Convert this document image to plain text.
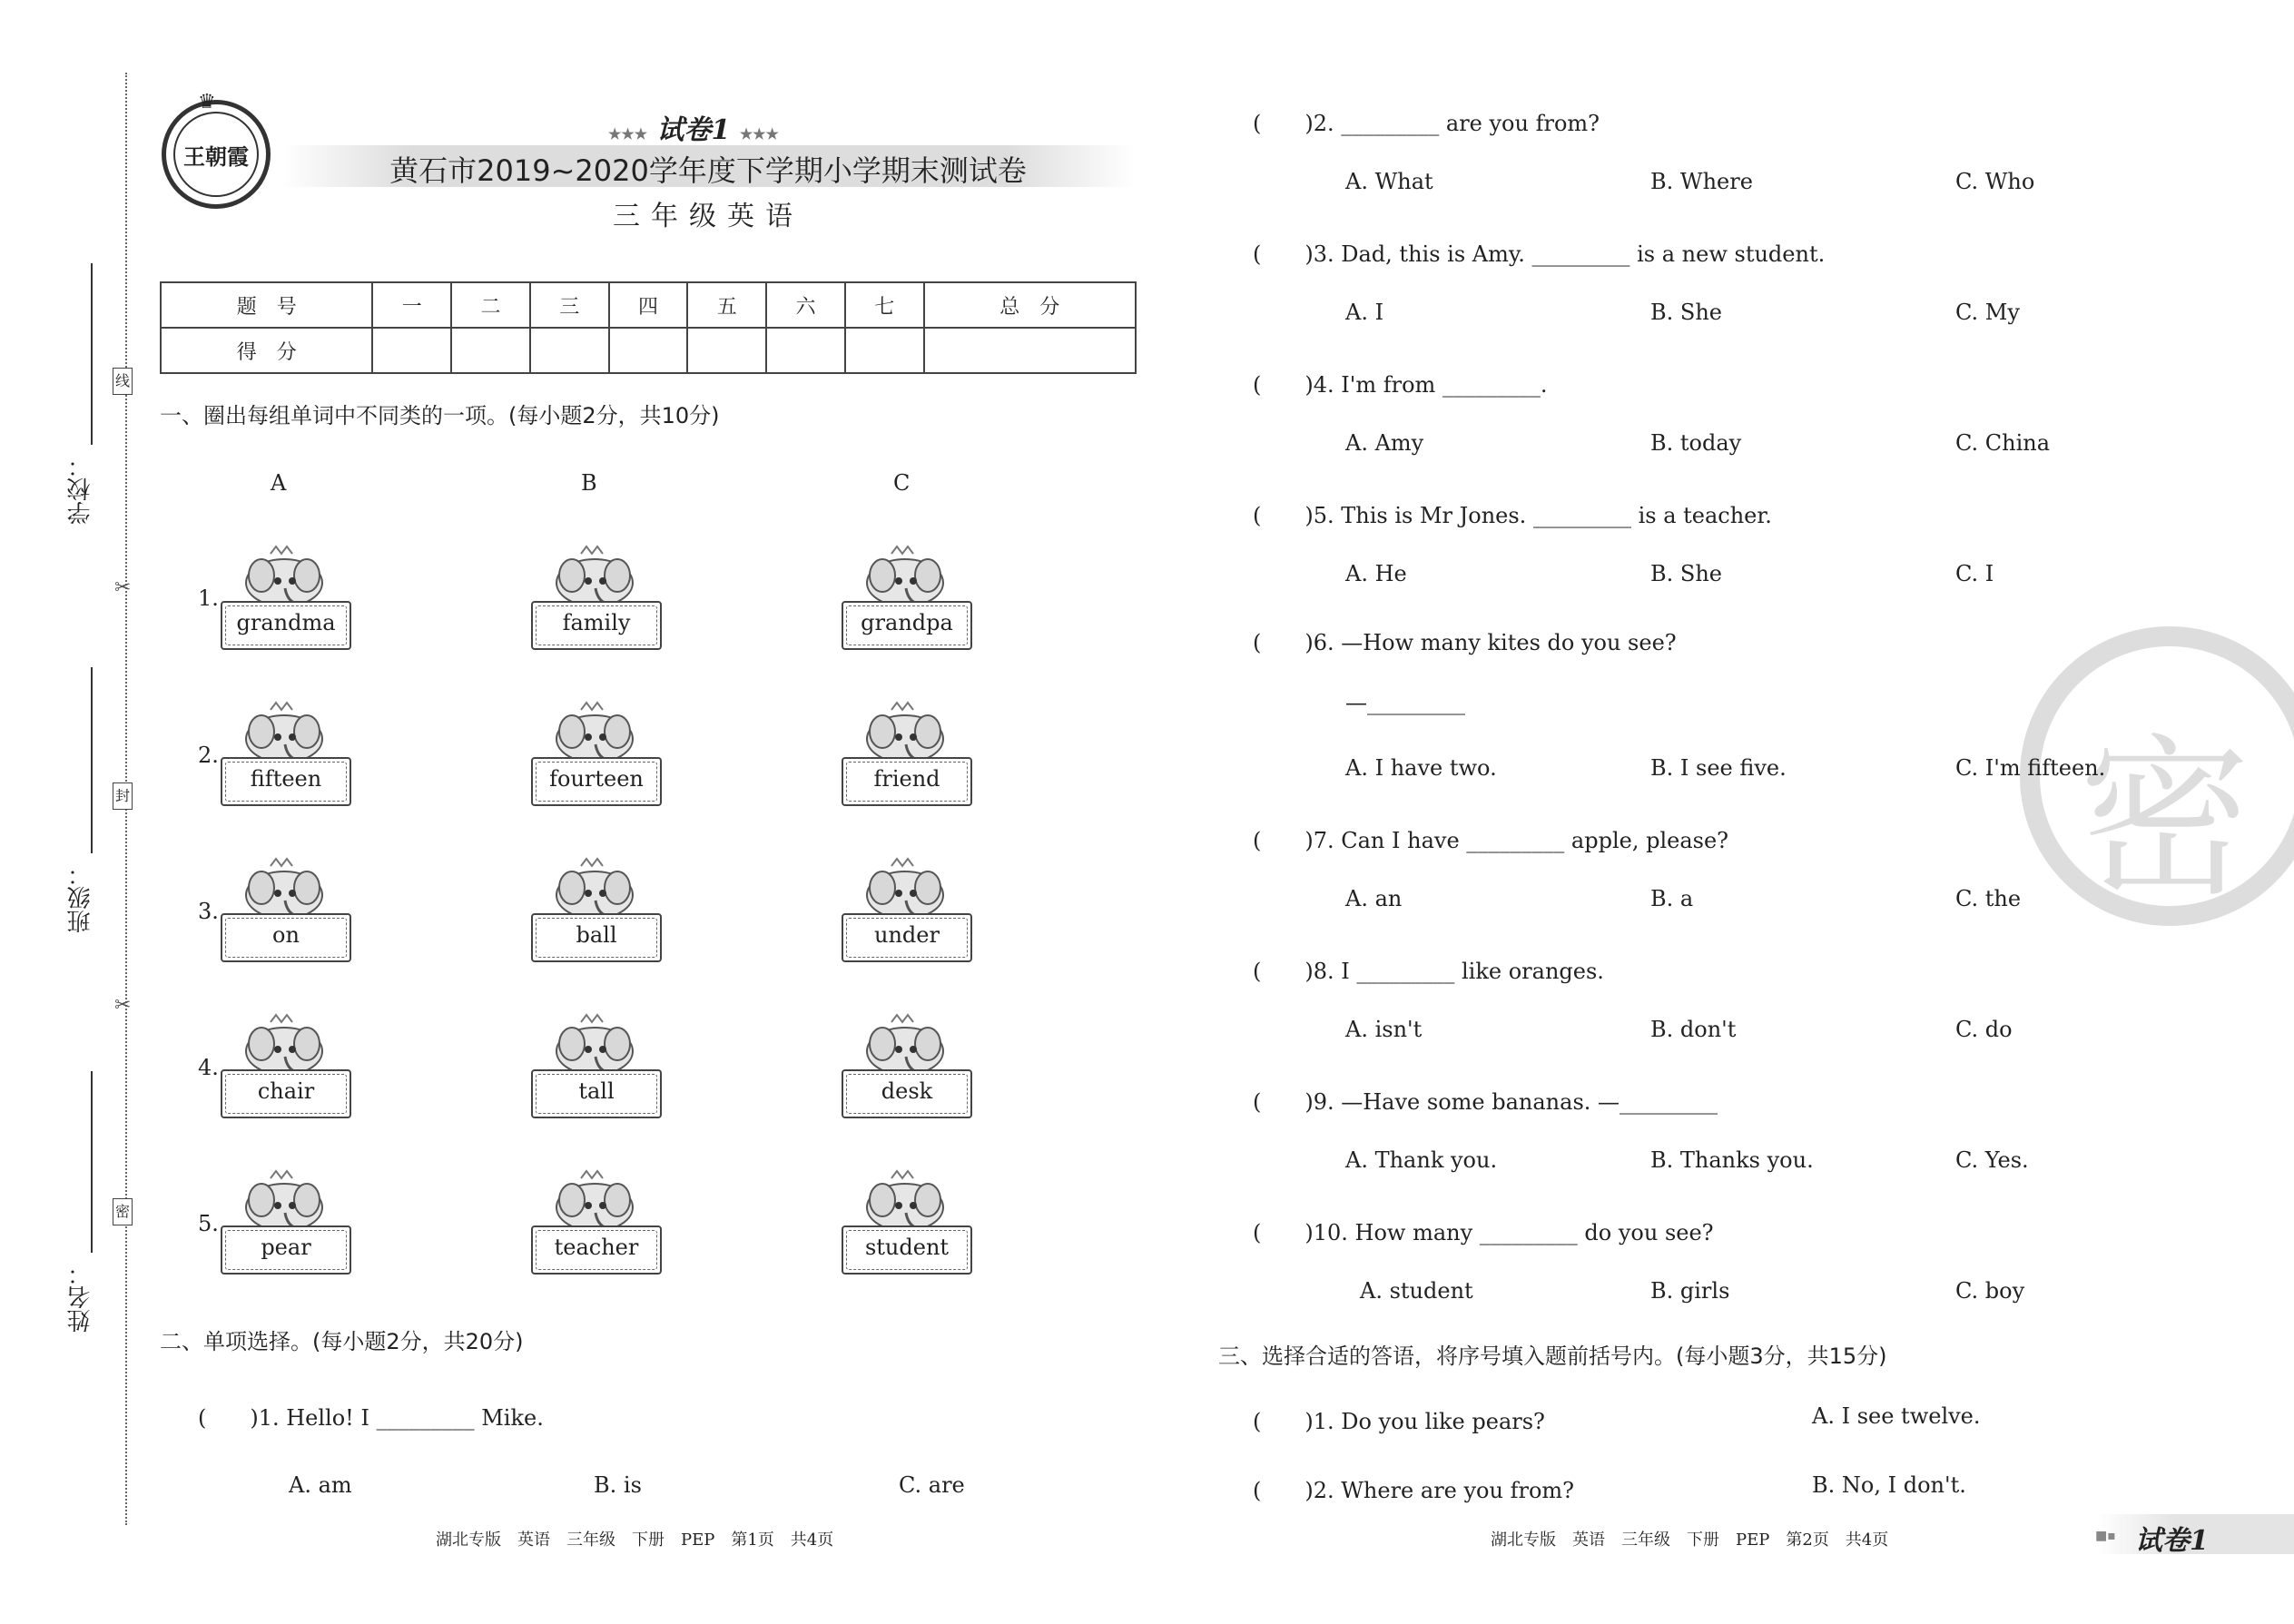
学校：
班级：
姓名：
线
封
密
✂
✂
王朝霞
♛
★★★ 试卷1 ★★★
黄石市2019~2020学年度下学期小学期末测试卷
三年级英语
题　号	一	二	三	四	五	六	七	总　分
得　分								
一、圈出每组单词中不同类的一项。(每小题2分，共10分)
A	B	C
1.
grandma	family	grandpa
2.
fifteen	fourteen	friend
3.
on	ball	under
4.
chair	tall	desk
5.
pear	teacher	student
二、单项选择。(每小题2分，共20分)
(　　)1. Hello! I _________ Mike.
A. am	B. is	C. are
湖北专版　英语　三年级　下册　PEP　第1页　共4页
密
(　　)2. _________ are you from?
A. What	B. Where	C. Who
(　　)3. Dad, this is Amy. _________ is a new student.
A. I	B. She	C. My
(　　)4. I'm from _________.
A. Amy	B. today	C. China
(　　)5. This is Mr Jones. _________ is a teacher.
A. He	B. She	C. I
(　　)6. —How many kites do you see?
—_________
A. I have two.	B. I see five.	C. I'm fifteen.
(　　)7. Can I have _________ apple, please?
A. an	B. a	C. the
(　　)8. I _________ like oranges.
A. isn't	B. don't	C. do
(　　)9. —Have some bananas. —_________
A. Thank you.	B. Thanks you.	C. Yes.
(　　)10. How many _________ do you see?
A. student	B. girls	C. boy
三、选择合适的答语，将序号填入题前括号内。(每小题3分，共15分)
(　　)1. Do you like pears?	A. I see twelve.
(　　)2. Where are you from?	B. No, I don't.
湖北专版　英语　三年级　下册　PEP　第2页　共4页	■▪ 试卷1
